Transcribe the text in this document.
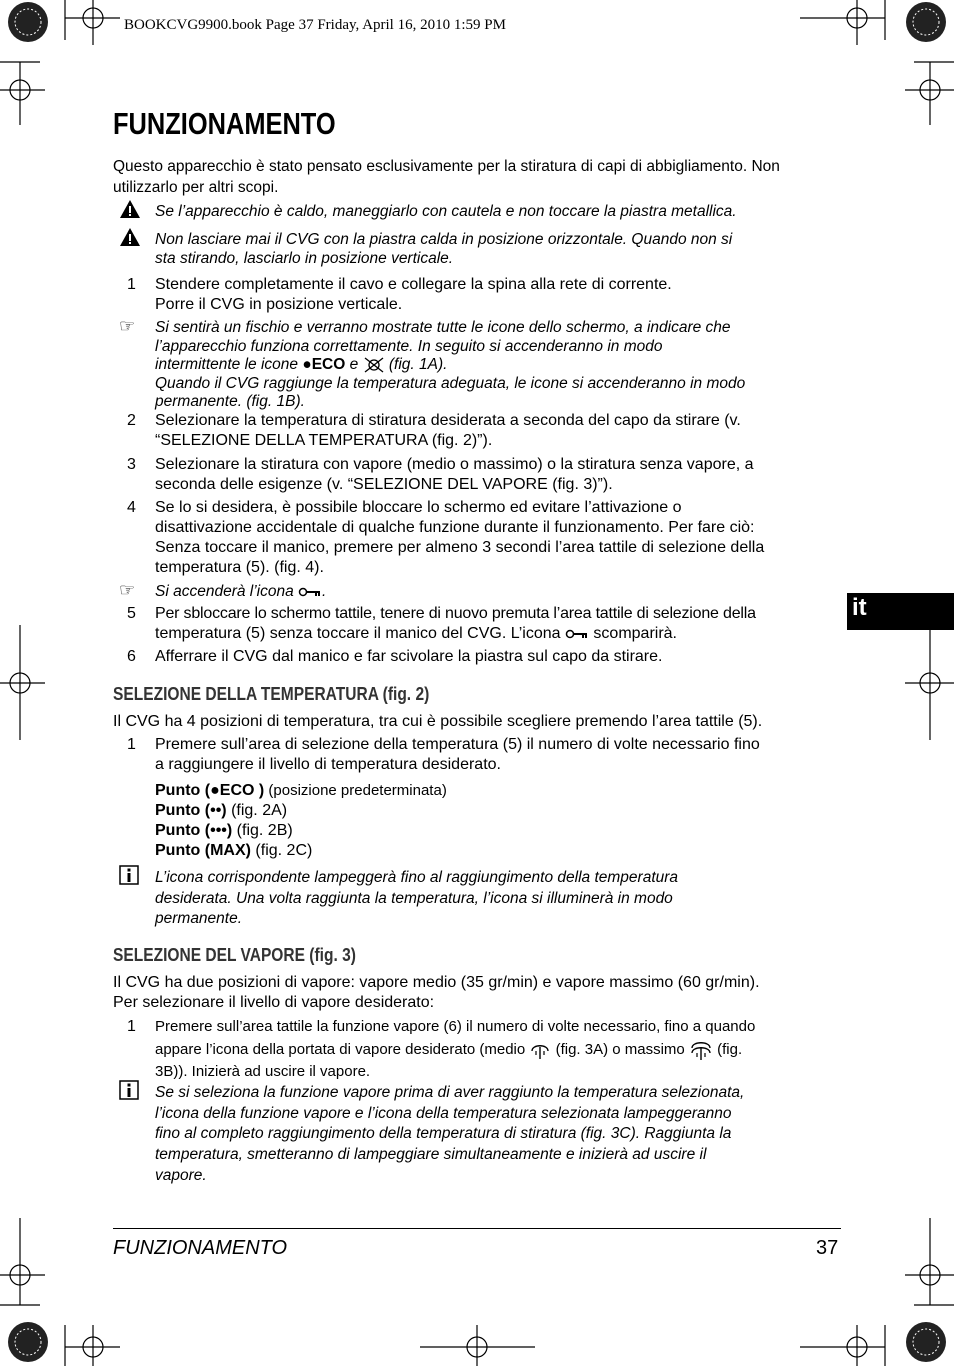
BOOKCVG9900.book Page 37 Friday, April 16, 2010 1:59 PM
FUNZIONAMENTO
Questo apparecchio è stato pensato esclusivamente per la stiratura di capi di abbigliamento. Non
utilizzarlo per altri scopi.
Se l’apparecchio è caldo, maneggiarlo con cautela e non toccare la piastra metallica.
Non lasciare mai il CVG con la piastra calda in posizione orizzontale. Quando non si
sta stirando, lasciarlo in posizione verticale.
1	Stendere completamente il cavo e collegare la spina alla rete di corrente.
Porre il CVG in posizione verticale.
☞ Si sentirà un fischio e verranno mostrate tutte le icone dello schermo, a indicare che
l’apparecchio funziona correttamente. In seguito si accenderanno in modo
intermittente le icone ●ECO e  (fig. 1A).
Quando il CVG raggiunge la temperatura adeguata, le icone si accenderanno in modo
permanente. (fig. 1B).
2	Selezionare la temperatura di stiratura desiderata a seconda del capo da stirare (v.
“SELEZIONE DELLA TEMPERATURA (fig. 2)”).
3	Selezionare la stiratura con vapore (medio o massimo) o la stiratura senza vapore, a
seconda delle esigenze (v. “SELEZIONE DEL VAPORE (fig. 3)”).
4	Se lo si desidera, è possibile bloccare lo schermo ed evitare l’attivazione o
disattivazione accidentale di qualche funzione durante il funzionamento. Per fare ciò:
Senza toccare il manico, premere per almeno 3 secondi l’area tattile di selezione della
temperatura (5). (fig. 4).
☞ Si accenderà l’icona .
5	Per sbloccare lo schermo tattile, tenere di nuovo premuta l’area tattile di selezione della
temperatura (5) senza toccare il manico del CVG. L’icona  scomparirà.
6	Afferrare il CVG dal manico e far scivolare la piastra sul capo da stirare.
it
SELEZIONE DELLA TEMPERATURA (fig. 2)
Il CVG ha 4 posizioni di temperatura, tra cui è possibile scegliere premendo l’area tattile (5).
1	Premere sull’area di selezione della temperatura (5) il numero di volte necessario fino
a raggiungere il livello di temperatura desiderato.
Punto (●ECO ) (posizione predeterminata)
Punto (••) (fig. 2A)
Punto (•••) (fig. 2B)
Punto (MAX) (fig. 2C)
L’icona corrispondente lampeggerà fino al raggiungimento della temperatura
desiderata. Una volta raggiunta la temperatura, l’icona si illuminerà in modo
permanente.
SELEZIONE DEL VAPORE (fig. 3)
Il CVG ha due posizioni di vapore: vapore medio (35 gr/min) e vapore massimo (60 gr/min).
Per selezionare il livello di vapore desiderato:
1	Premere sull’area tattile la funzione vapore (6) il numero di volte necessario, fino a quando
appare l’icona della portata di vapore desiderato (medio  (fig. 3A) o massimo  (fig.
3B)). Inizierà ad uscire il vapore.
Se si seleziona la funzione vapore prima di aver raggiunto la temperatura selezionata,
l’icona della funzione vapore e l’icona della temperatura selezionata lampeggeranno
fino al completo raggiungimento della temperatura di stiratura (fig. 3C). Raggiunta la
temperatura, smetteranno di lampeggiare simultaneamente e inizierà ad uscire il
vapore.
FUNZIONAMENTO	37
